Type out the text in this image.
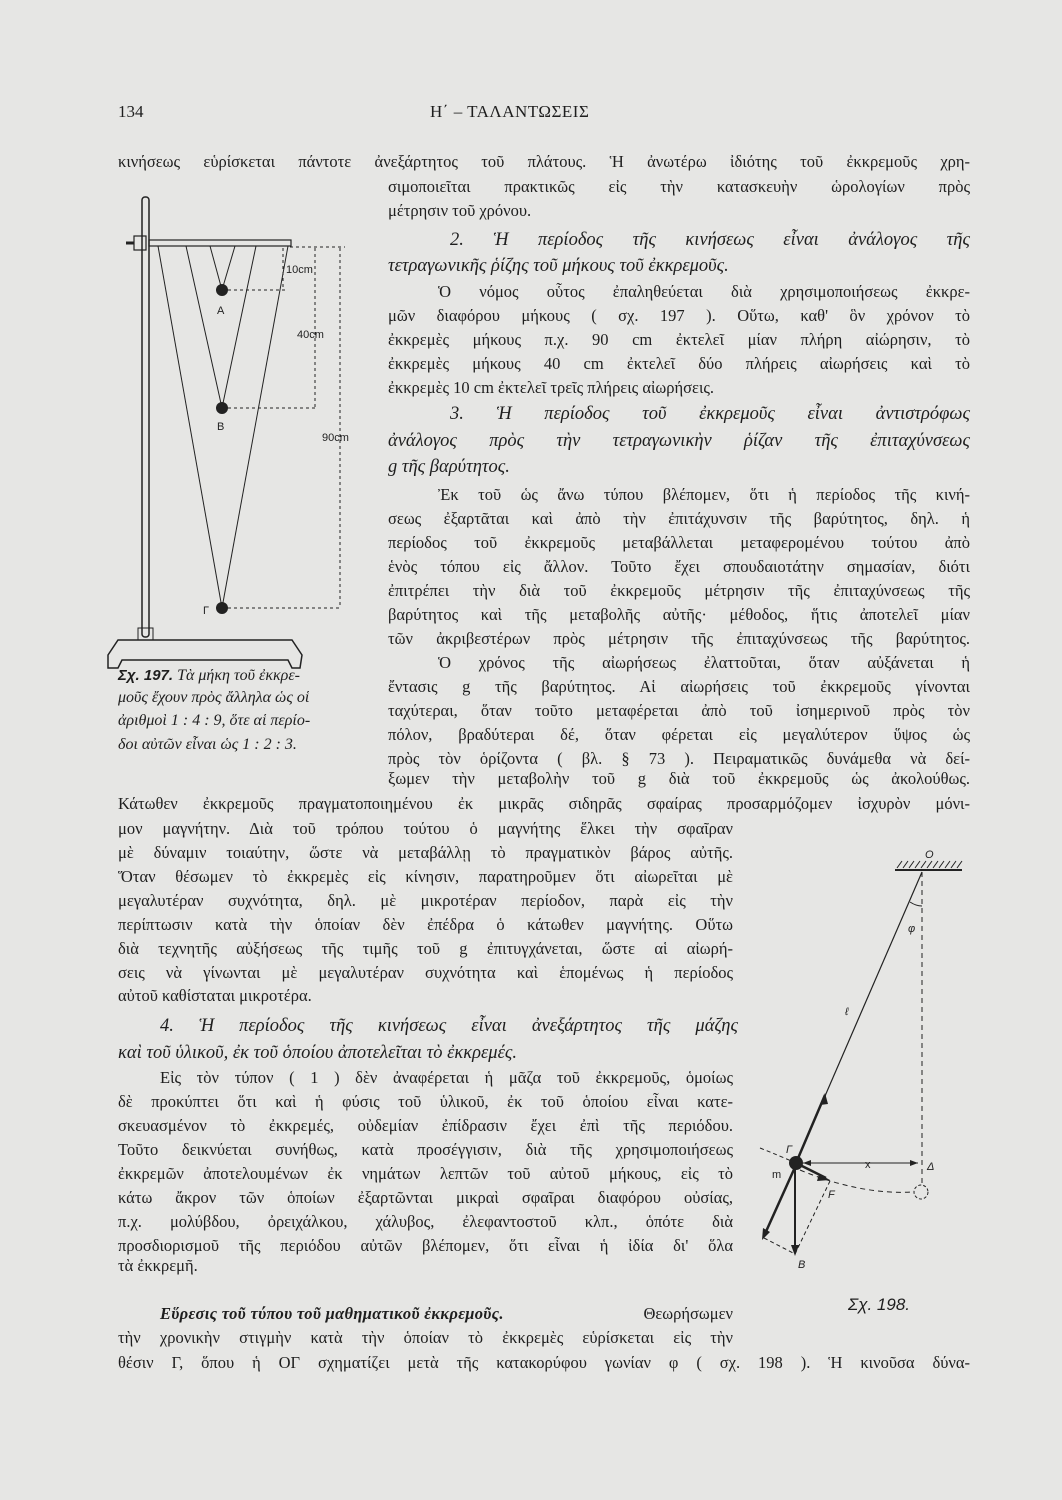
134	Η΄ – ΤΑΛΑΝΤΩΣΕΙΣ
κινήσεως εὑρίσκεται πάντοτε ἀνεξάρτητος τοῦ πλάτους. Ἡ ἀνωτέρω ἰδιότης τοῦ ἐκκρεμοῦς χρη-
σιμοποιεῖται πρακτικῶς εἰς τὴν κατασκευὴν ὡρολογίων πρὸς
μέτρησιν τοῦ χρόνου.
2. Ἡ περίοδος τῆς κινήσεως εἶναι ἀνάλογος τῆς
τετραγωνικῆς ῥίζης τοῦ μήκους τοῦ ἐκκρεμοῦς.
Ὁ νόμος οὗτος ἐπαληθεύεται διὰ χρησιμοποιήσεως ἐκκρε-
μῶν διαφόρου μήκους ( σχ. 197 ). Οὕτω, καθ' ὃν χρόνον τὸ
ἐκκρεμὲς μήκους π.χ. 90 cm ἐκτελεῖ μίαν πλήρη αἰώρησιν, τὸ
ἐκκρεμὲς μήκους 40 cm ἐκτελεῖ δύο πλήρεις αἰωρήσεις καὶ τὸ
ἐκκρεμὲς 10 cm ἐκτελεῖ τρεῖς πλήρεις αἰωρήσεις.
3. Ἡ περίοδος τοῦ ἐκκρεμοῦς εἶναι ἀντιστρόφως
ἀνάλογος πρὸς τὴν τετραγωνικὴν ῥίζαν τῆς ἐπιταχύνσεως
g τῆς βαρύτητος.
Ἐκ τοῦ ὡς ἄνω τύπου βλέπομεν, ὅτι ἡ περίοδος τῆς κινή-
σεως ἐξαρτᾶται καὶ ἀπὸ τὴν ἐπιτάχυνσιν τῆς βαρύτητος, δηλ. ἡ
περίοδος τοῦ ἐκκρεμοῦς μεταβάλλεται μεταφερομένου τούτου ἀπὸ
ἑνὸς τόπου εἰς ἄλλον. Τοῦτο ἔχει σπουδαιοτάτην σημασίαν, διότι
ἐπιτρέπει τὴν διὰ τοῦ ἐκκρεμοῦς μέτρησιν τῆς ἐπιταχύνσεως τῆς
βαρύτητος καὶ τῆς μεταβολῆς αὐτῆς· μέθοδος, ἥτις ἀποτελεῖ μίαν
τῶν ἀκριβεστέρων πρὸς μέτρησιν τῆς ἐπιταχύνσεως τῆς βαρύτητος.
Ὁ χρόνος τῆς αἰωρήσεως ἐλαττοῦται, ὅταν αὐξάνεται ἡ
ἔντασις g τῆς βαρύτητος. Αἱ αἰωρήσεις τοῦ ἐκκρεμοῦς γίνονται
ταχύτεραι, ὅταν τοῦτο μεταφέρεται ἀπὸ τοῦ ἰσημερινοῦ πρὸς τὸν
πόλον, βραδύτεραι δέ, ὅταν φέρεται εἰς μεγαλύτερον ὕψος ὡς
πρὸς τὸν ὁρίζοντα ( βλ. § 73 ). Πειραματικῶς δυνάμεθα νὰ δεί-
ξωμεν τὴν μεταβολὴν τοῦ g διὰ τοῦ ἐκκρεμοῦς ὡς ἀκολούθως.
Κάτωθεν ἐκκρεμοῦς πραγματοποιημένου ἐκ μικρᾶς σιδηρᾶς σφαίρας προσαρμόζομεν ἰσχυρὸν μόνι-
μον μαγνήτην. Διὰ τοῦ τρόπου τούτου ὁ μαγνήτης ἕλκει τὴν σφαῖραν
μὲ δύναμιν τοιαύτην, ὥστε νὰ μεταβάλλῃ τὸ πραγματικὸν βάρος αὐτῆς.
Ὅταν θέσωμεν τὸ ἐκκρεμὲς εἰς κίνησιν, παρατηροῦμεν ὅτι αἰωρεῖται μὲ
μεγαλυτέραν συχνότητα, δηλ. μὲ μικροτέραν περίοδον, παρὰ εἰς τὴν
περίπτωσιν κατὰ τὴν ὁποίαν δὲν ἐπέδρα ὁ κάτωθεν μαγνήτης. Οὕτω
διὰ τεχνητῆς αὐξήσεως τῆς τιμῆς τοῦ g ἐπιτυγχάνεται, ὥστε αἱ αἰωρή-
σεις νὰ γίνωνται μὲ μεγαλυτέραν συχνότητα καὶ ἑπομένως ἡ περίοδος
αὐτοῦ καθίσταται μικροτέρα.
4. Ἡ περίοδος τῆς κινήσεως εἶναι ἀνεξάρτητος τῆς μάζης
καὶ τοῦ ὑλικοῦ, ἐκ τοῦ ὁποίου ἀποτελεῖται τὸ ἐκκρεμές.
Εἰς τὸν τύπον ( 1 ) δὲν ἀναφέρεται ἡ μᾶζα τοῦ ἐκκρεμοῦς, ὁμοίως
δὲ προκύπτει ὅτι καὶ ἡ φύσις τοῦ ὑλικοῦ, ἐκ τοῦ ὁποίου εἶναι κατε-
σκευασμένον τὸ ἐκκρεμές, οὐδεμίαν ἐπίδρασιν ἔχει ἐπὶ τῆς περιόδου.
Τοῦτο δεικνύεται συνήθως, κατὰ προσέγγισιν, διὰ τῆς χρησιμοποιήσεως
ἐκκρεμῶν ἀποτελουμένων ἐκ νημάτων λεπτῶν τοῦ αὐτοῦ μήκους, εἰς τὸ
κάτω ἄκρον τῶν ὁποίων ἐξαρτῶνται μικραὶ σφαῖραι διαφόρου οὐσίας,
π.χ. μολύβδου, ὀρειχάλκου, χάλυβος, ἐλεφαντοστοῦ κλπ., ὁπότε διὰ
προσδιορισμοῦ τῆς περιόδου αὐτῶν βλέπομεν, ὅτι εἶναι ἡ ἰδία δι' ὅλα
τὰ ἐκκρεμῆ.
Εὕρεσις τοῦ τύπου τοῦ μαθηματικοῦ ἐκκρεμοῦς.	Θεωρήσωμεν
τὴν χρονικὴν στιγμὴν κατὰ τὴν ὁποίαν τὸ ἐκκρεμὲς εὑρίσκεται εἰς τὴν
θέσιν Γ, ὅπου ἡ ΟΓ σχηματίζει μετὰ τῆς κατακορύφου γωνίαν φ ( σχ. 198 ). Ἡ κινοῦσα δύνα-
A
B
Γ
10cm
40cm
90cm
O
φ
ℓ
Γ
m
x	Δ
F
B
Σχ. 197. Τὰ μήκη τοῦ ἐκκρε-
μοῦς ἔχουν πρὸς ἄλληλα ὡς οἱ
ἀριθμοὶ 1 : 4 : 9, ὅτε αἱ περίο-
δοι αὐτῶν εἶναι ὡς 1 : 2 : 3.
Σχ. 198.
